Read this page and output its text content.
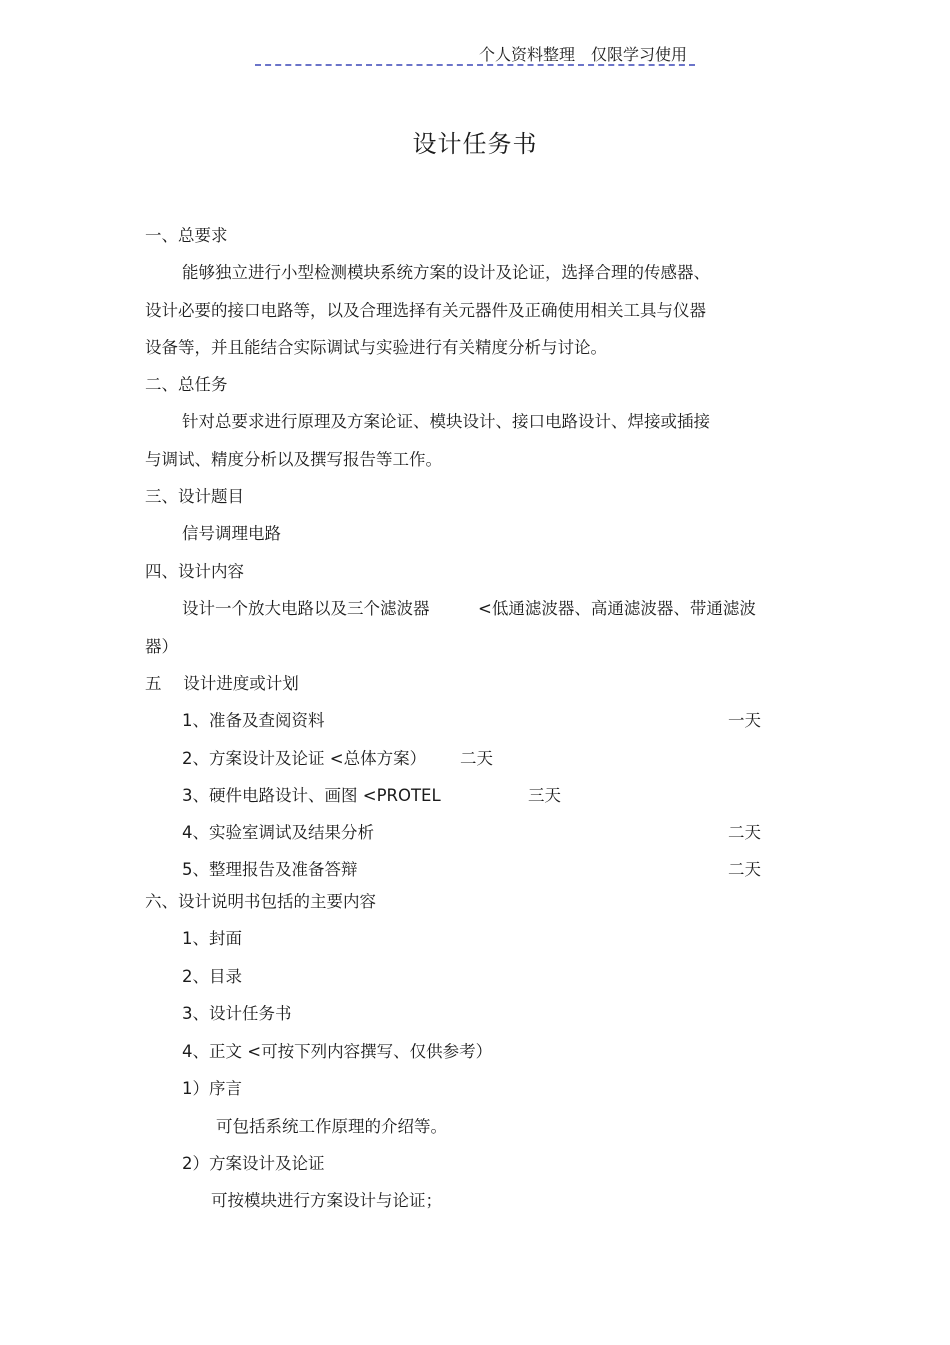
个人资料整理　仅限学习使用
设计任务书
一、总要求
能够独立进行小型检测模块系统方案的设计及论证，选择合理的传感器、
设计必要的接口电路等，以及合理选择有关元器件及正确使用相关工具与仪器
设备等，并且能结合实际调试与实验进行有关精度分析与讨论。
二、总任务
针对总要求进行原理及方案论证、模块设计、接口电路设计、焊接或插接
与调试、精度分析以及撰写报告等工作。
三、设计题目
信号调理电路
四、设计内容
设计一个放大电路以及三个滤波器	<低通滤波器、高通滤波器、带通滤波
器）
五　 设计进度或计划
1、准备及查阅资料	一天
2、方案设计及论证 <总体方案） 二天
3、硬件电路设计、画图 <PROTEL	三天
4、实验室调试及结果分析	二天
5、整理报告及准备答辩	二天
六、设计说明书包括的主要内容
1、封面
2、目录
3、设计任务书
4、正文 <可按下列内容撰写、仅供参考）
1）序言
可包括系统工作原理的介绍等。
2）方案设计及论证
可按模块进行方案设计与论证；
